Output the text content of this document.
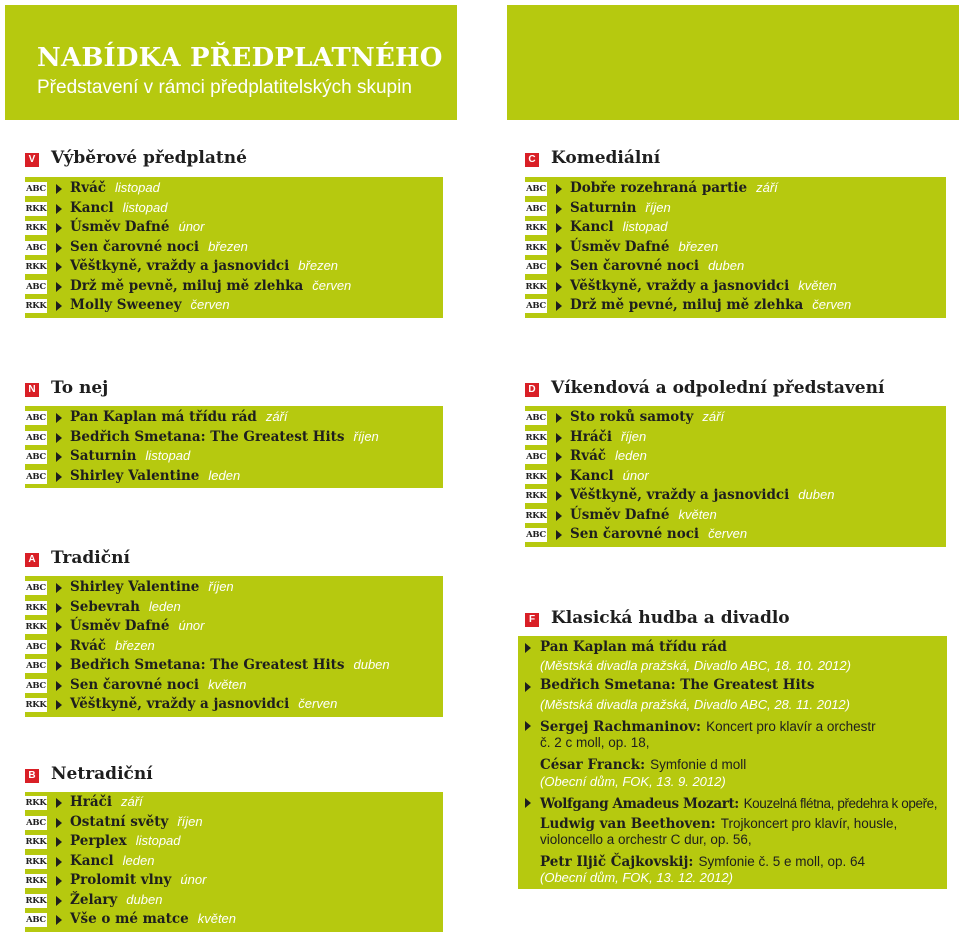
NABÍDKA PŘEDPLATNÉHO
Představení v rámci předplatitelských skupin
V Výběrové předplatné
ABC Rváč listopad
RKK Kancl listopad
RKK Úsměv Dafné únor
ABC Sen čarovné noci březen
RKK Věštkyně, vraždy a jasnovidci březen
ABC Drž mě pevně, miluj mě zlehka červen
RKK Molly Sweeney červen
C Komediální
ABC Dobře rozehraná partie září
ABC Saturnin říjen
RKK Kancl listopad
RKK Úsměv Dafné březen
ABC Sen čarovné noci duben
RKK Věštkyně, vraždy a jasnovidci květen
ABC Drž mě pevné, miluj mě zlehka červen
N To nej
ABC Pan Kaplan má třídu rád září
ABC Bedřich Smetana: The Greatest Hits říjen
ABC Saturnin listopad
ABC Shirley Valentine leden
D Víkendová a odpolední představení
ABC Sto roků samoty září
RKK Hráči říjen
ABC Rváč leden
RKK Kancl únor
RKK Věštkyně, vraždy a jasnovidci duben
RKK Úsměv Dafné květen
ABC Sen čarovné noci červen
A Tradiční
ABC Shirley Valentine říjen
RKK Sebevrah leden
RKK Úsměv Dafné únor
ABC Rváč březen
ABC Bedřich Smetana: The Greatest Hits duben
ABC Sen čarovné noci květen
RKK Věštkyně, vraždy a jasnovidci červen
B Netradiční
RKK Hráči září
ABC Ostatní světy říjen
RKK Perplex listopad
RKK Kancl leden
RKK Prolomit vlny únor
RKK Želary duben
ABC Vše o mé matce květen
F Klasická hudba a divadlo
Pan Kaplan má třídu rád
(Městská divadla pražská, Divadlo ABC, 18. 10. 2012)
Bedřich Smetana: The Greatest Hits
(Městská divadla pražská, Divadlo ABC, 28. 11. 2012)
Sergej Rachmaninov: Koncert pro klavír a orchestr
č. 2 c moll, op. 18,
César Franck: Symfonie d moll
(Obecní dům, FOK, 13. 9. 2012)
Wolfgang Amadeus Mozart: Kouzelná flétna, předehra k opeře,
Ludwig van Beethoven: Trojkoncert pro klavír, housle,
violoncello a orchestr C dur, op. 56,
Petr Iljič Čajkovskij: Symfonie č. 5 e moll, op. 64
(Obecní dům, FOK, 13. 12. 2012)
